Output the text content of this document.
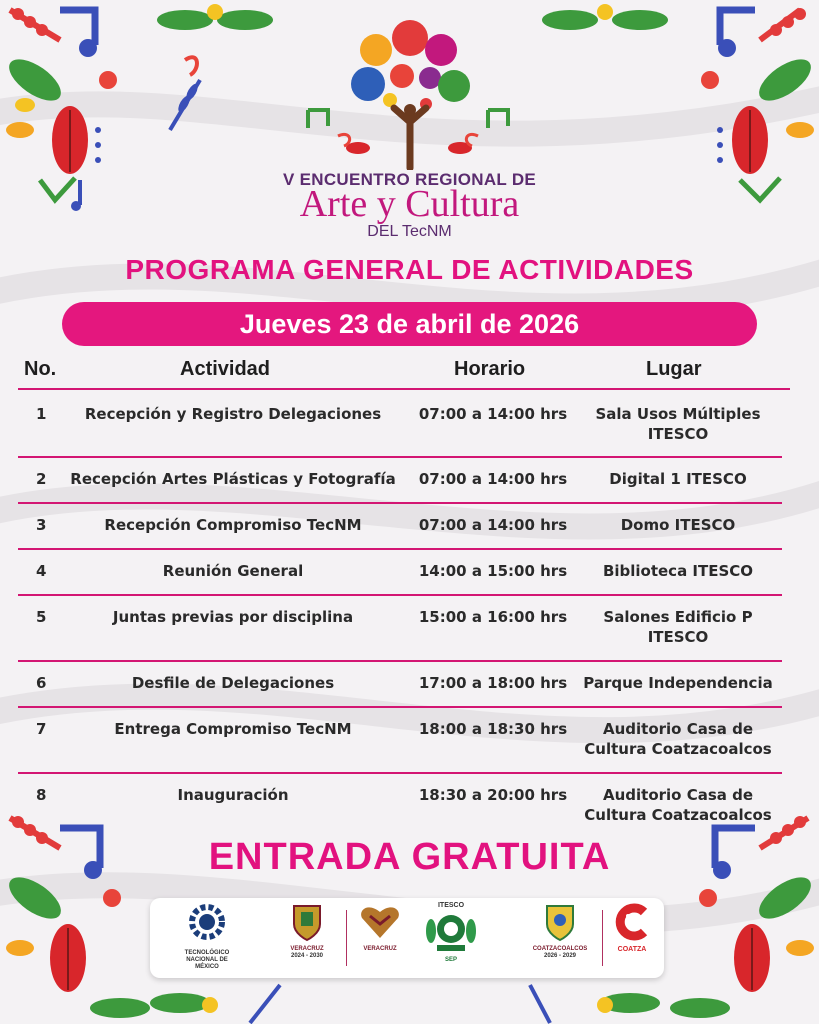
V ENCUENTRO REGIONAL DE
Arte y Cultura
DEL TecNM
PROGRAMA GENERAL DE ACTIVIDADES
Jueves 23 de abril de 2026
No.	Actividad	Horario	Lugar
1	Recepción y Registro Delegaciones	07:00 a 14:00 hrs	Sala Usos Múltiples ITESCO
2	Recepción Artes Plásticas y Fotografía	07:00 a 14:00 hrs	Digital 1 ITESCO
3	Recepción Compromiso TecNM	07:00 a 14:00 hrs	Domo ITESCO
4	Reunión General	14:00 a 15:00 hrs	Biblioteca ITESCO
5	Juntas previas por disciplina	15:00 a 16:00 hrs	Salones Edificio P ITESCO
6	Desfile de Delegaciones	17:00 a 18:00 hrs	Parque Independencia
7	Entrega Compromiso TecNM	18:00 a 18:30 hrs	Auditorio Casa de Cultura Coatzacoalcos
8	Inauguración	18:30 a 20:00 hrs	Auditorio Casa de Cultura Coatzacoalcos
ENTRADA GRATUITA
TECNOLÓGICO NACIONAL DE MÉXICO
VERACRUZ
2024 - 2030
VERACRUZ
ITESCO
SEP
COATZACOALCOS
2026 - 2029
COATZA
